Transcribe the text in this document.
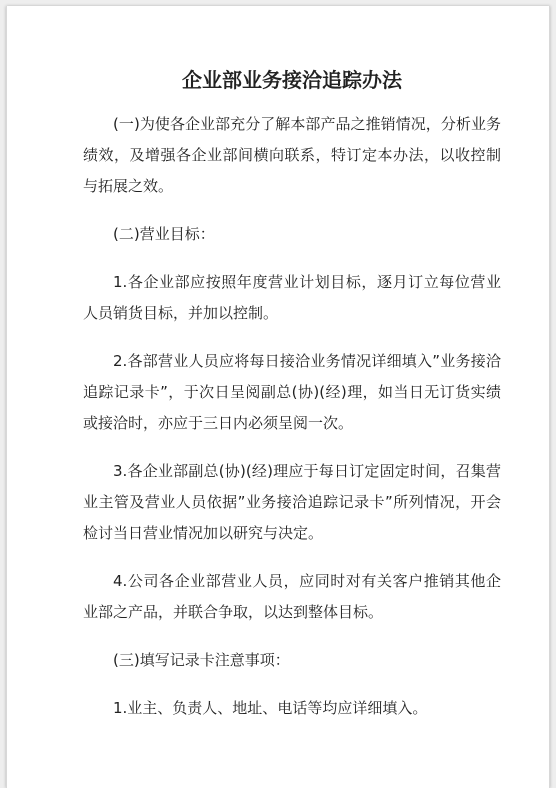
企业部业务接洽追踪办法

(一)为使各企业部充分了解本部产品之推销情况，分析业务绩效，及增强各企业部间横向联系，特订定本办法，以收控制与拓展之效。

(二)营业目标：

1.各企业部应按照年度营业计划目标，逐月订立每位营业人员销货目标，并加以控制。

2.各部营业人员应将每日接洽业务情况详细填入”业务接洽追踪记录卡”，于次日呈阅副总(协)(经)理，如当日无订货实绩或接洽时，亦应于三日内必须呈阅一次。

3.各企业部副总(协)(经)理应于每日订定固定时间，召集营业主管及营业人员依据”业务接洽追踪记录卡”所列情况，开会检讨当日营业情况加以研究与决定。

4.公司各企业部营业人员，应同时对有关客户推销其他企业部之产品，并联合争取，以达到整体目标。

(三)填写记录卡注意事项：

1.业主、负责人、地址、电话等均应详细填入。
